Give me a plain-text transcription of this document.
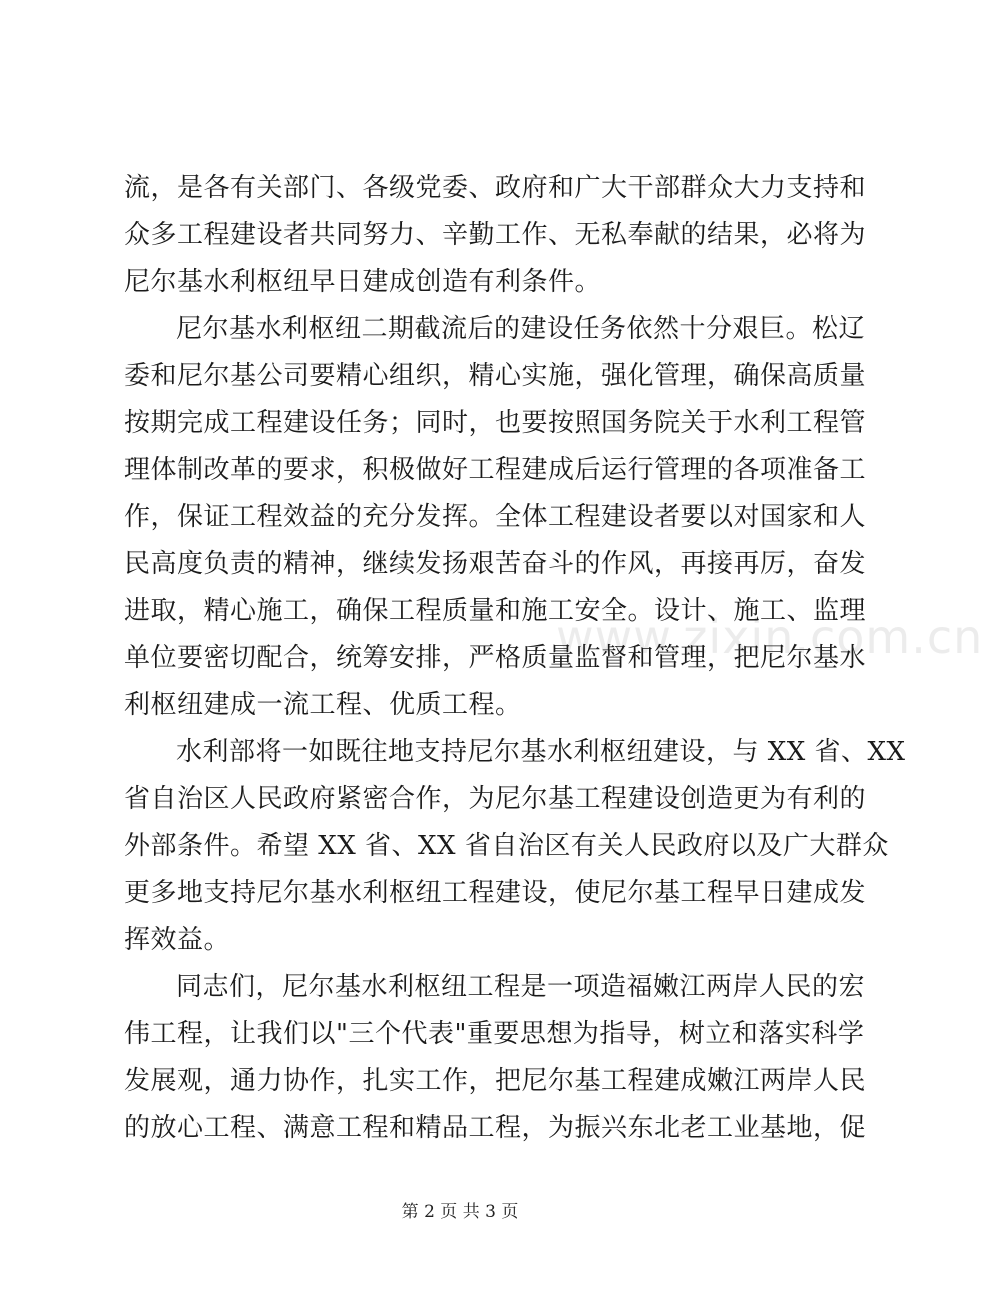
www.zixin.com.cn
流，是各有关部门、各级党委、政府和广大干部群众大力支持和
众多工程建设者共同努力、辛勤工作、无私奉献的结果，必将为
尼尔基水利枢纽早日建成创造有利条件。
尼尔基水利枢纽二期截流后的建设任务依然十分艰巨。松辽
委和尼尔基公司要精心组织，精心实施，强化管理，确保高质量
按期完成工程建设任务；同时，也要按照国务院关于水利工程管
理体制改革的要求，积极做好工程建成后运行管理的各项准备工
作，保证工程效益的充分发挥。全体工程建设者要以对国家和人
民高度负责的精神，继续发扬艰苦奋斗的作风，再接再厉，奋发
进取，精心施工，确保工程质量和施工安全。设计、施工、监理
单位要密切配合，统筹安排，严格质量监督和管理，把尼尔基水
利枢纽建成一流工程、优质工程。
水利部将一如既往地支持尼尔基水利枢纽建设，与 XX 省、XX
省自治区人民政府紧密合作，为尼尔基工程建设创造更为有利的
外部条件。希望 XX 省、XX 省自治区有关人民政府以及广大群众
更多地支持尼尔基水利枢纽工程建设，使尼尔基工程早日建成发
挥效益。
同志们，尼尔基水利枢纽工程是一项造福嫩江两岸人民的宏
伟工程，让我们以"三个代表"重要思想为指导，树立和落实科学
发展观，通力协作，扎实工作，把尼尔基工程建成嫩江两岸人民
的放心工程、满意工程和精品工程，为振兴东北老工业基地，促
第 2 页 共 3 页
